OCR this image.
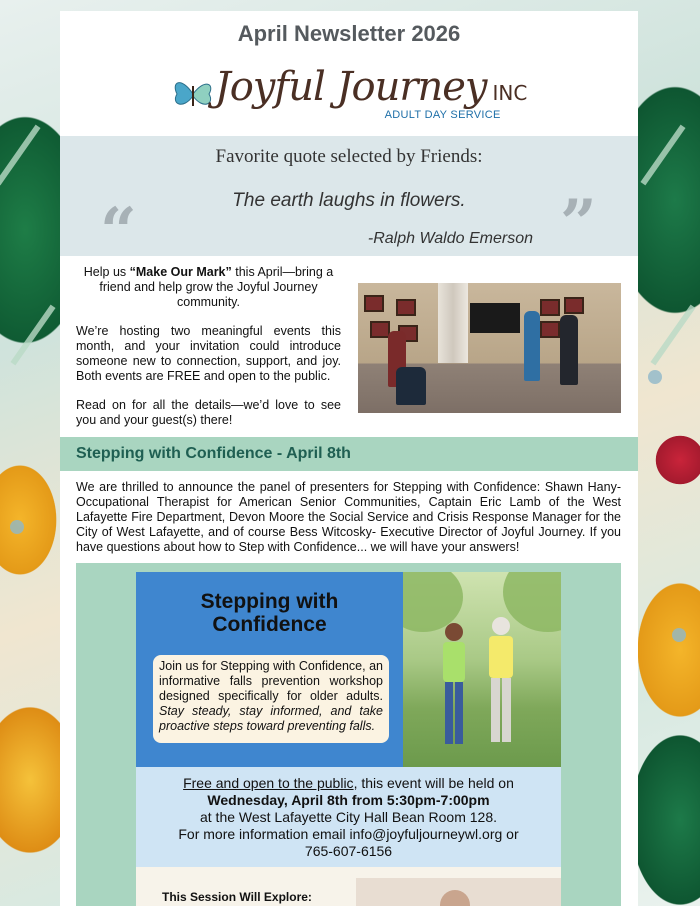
April Newsletter 2026
Joyful Journey INC
ADULT DAY SERVICE
Favorite quote selected by Friends:
“	The earth laughs in flowers.	”
-Ralph Waldo Emerson

Help us “Make Our Mark” this April—bring a friend and help grow the Joyful Journey community.

We’re hosting two meaningful events this month, and your invitation could introduce someone new to connection, support, and joy. Both events are FREE and open to the public.

Read on for all the details—we’d love to see you and your guest(s) there!

Stepping with Confidence - April 8th

We are thrilled to announce the panel of presenters for Stepping with Confidence: Shawn Hany- Occupational Therapist for American Senior Communities, Captain Eric Lamb of the West Lafayette Fire Department, Devon Moore the Social Service and Crisis Response Manager for the City of West Lafayette, and of course Bess Witcosky- Executive Director of Joyful Journey. If you have questions about how to Step with Confidence... we will have your answers!

Stepping with
Confidence
Join us for Stepping with Confidence, an informative falls prevention workshop designed specifically for older adults. Stay steady, stay informed, and take proactive steps toward preventing falls.
Free and open to the public, this event will be held on
Wednesday, April 8th from 5:30pm-7:00pm
at the West Lafayette City Hall Bean Room 128.
For more information email info@joyfuljourneywl.org or
765-607-6156
This Session Will Explore:
